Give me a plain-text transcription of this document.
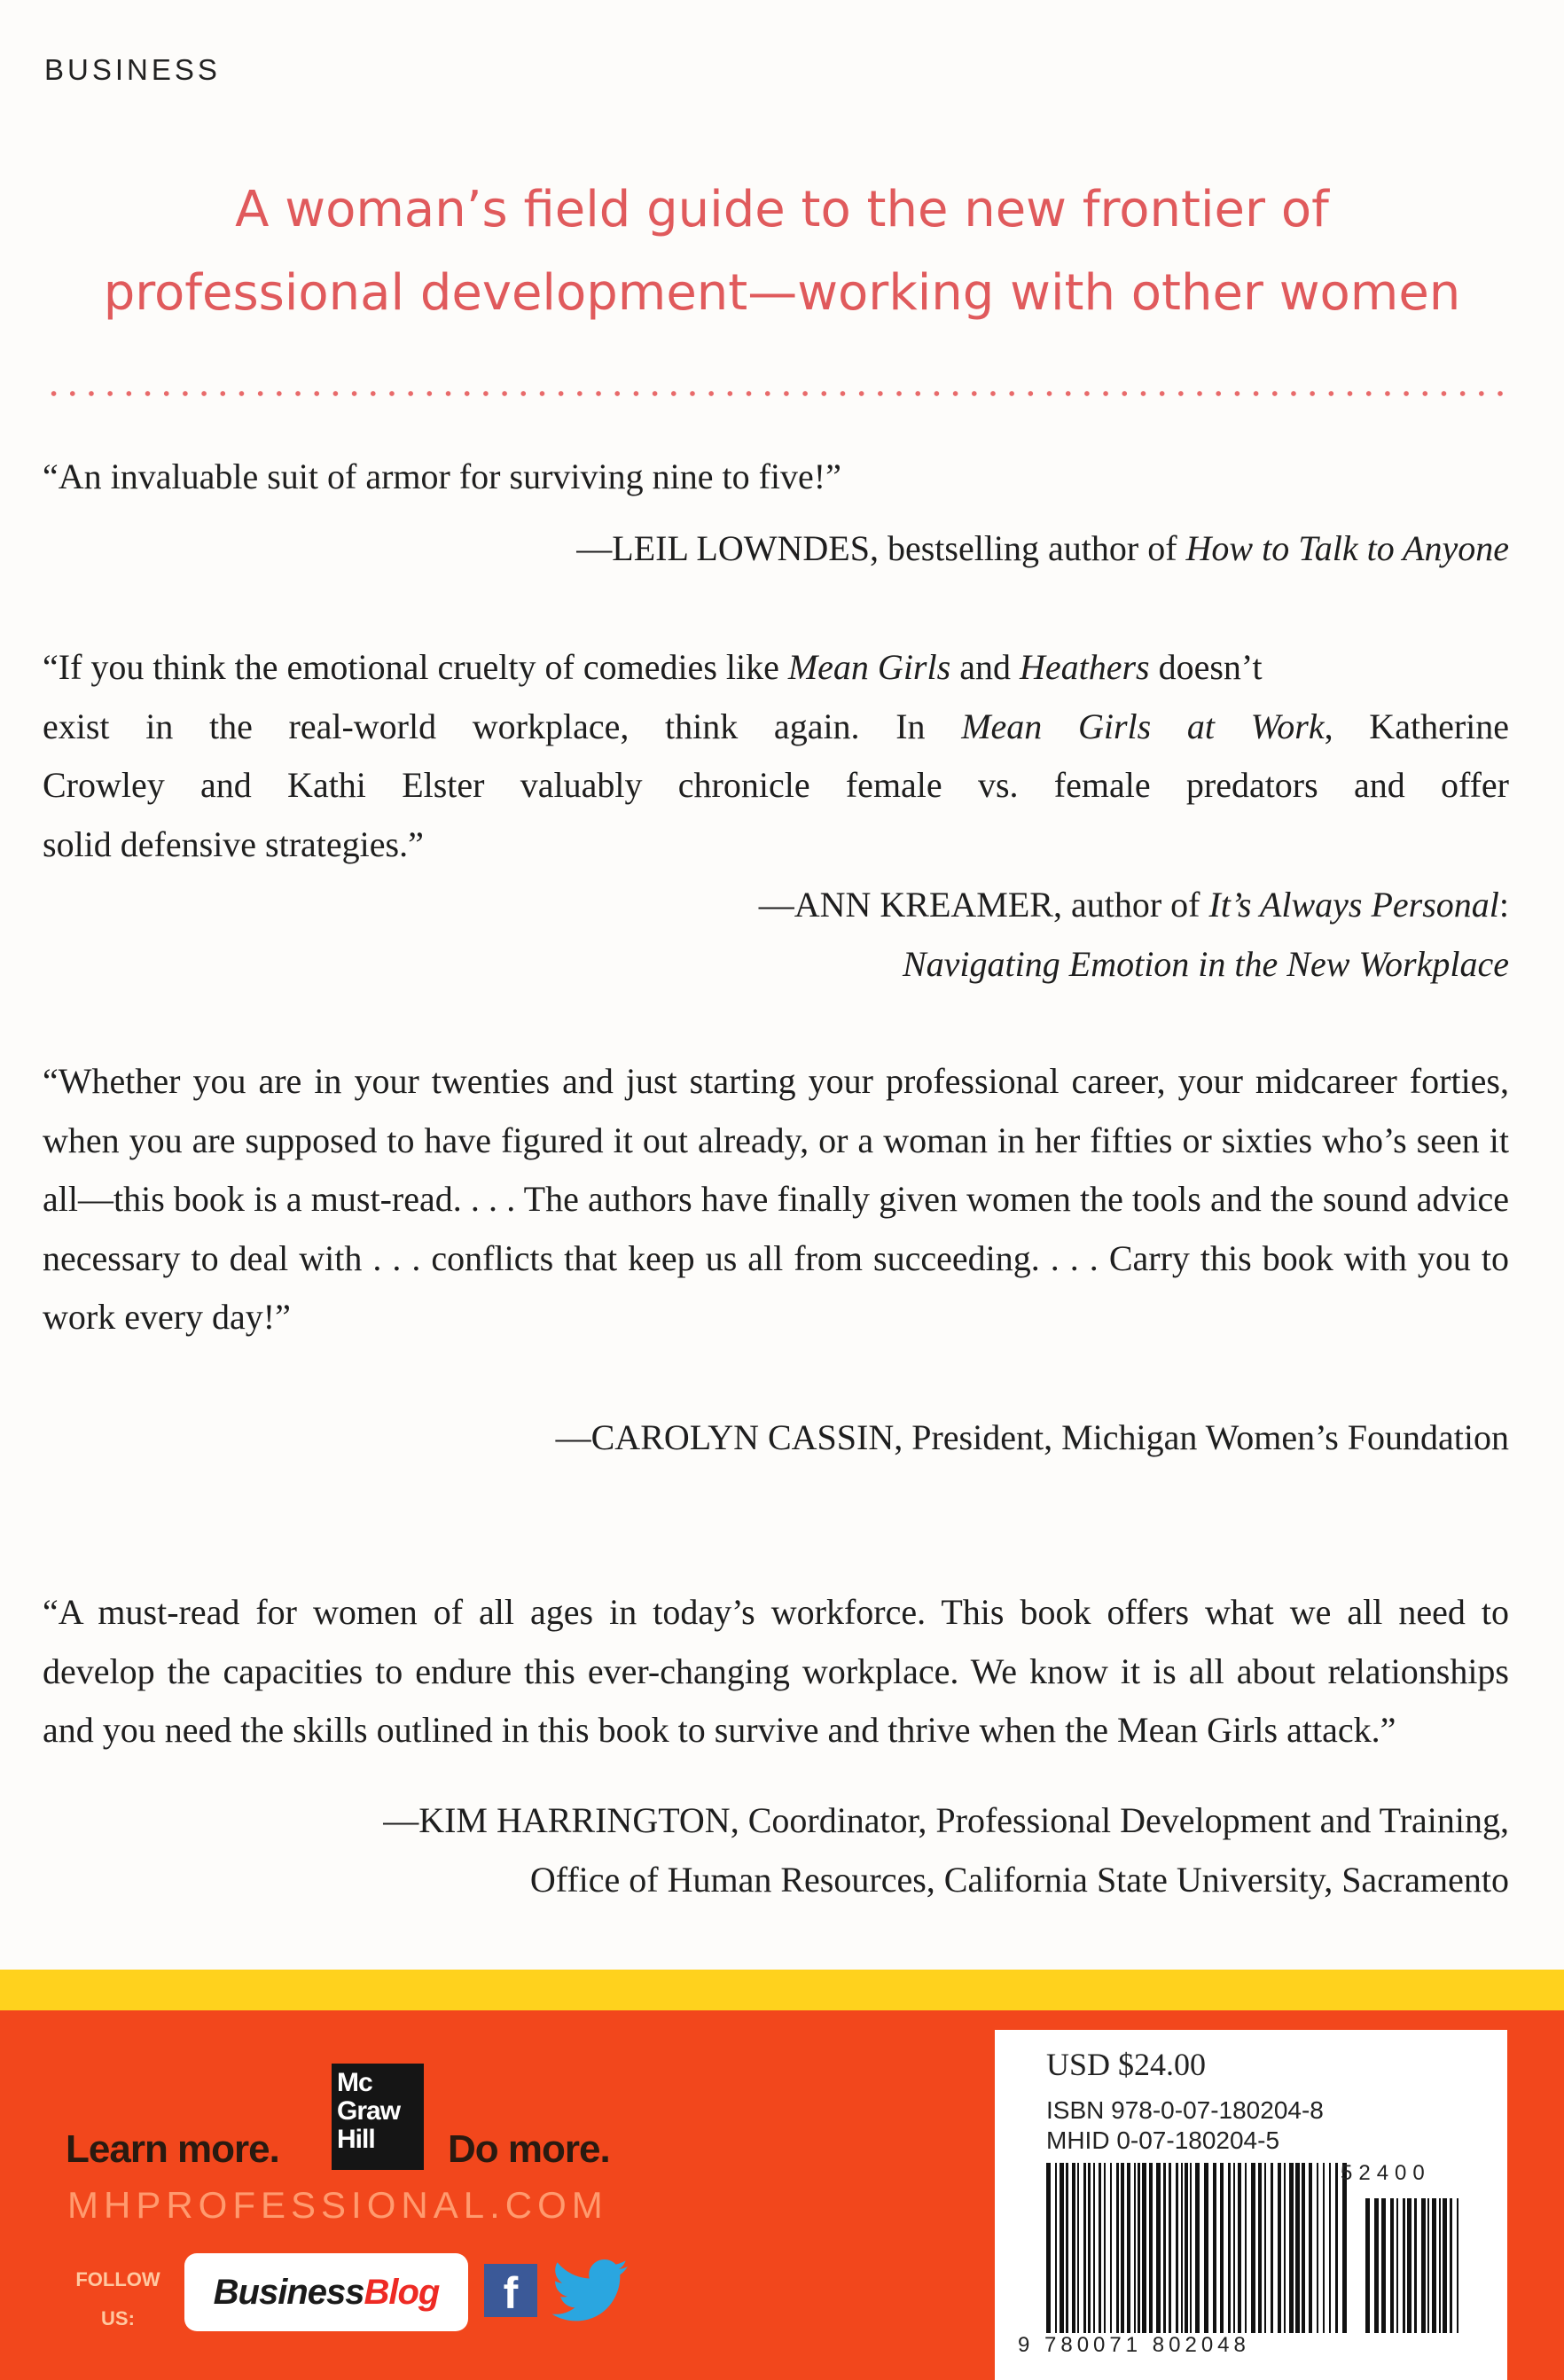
BUSINESS
A woman’s field guide to the new frontier of
professional development—working with other women

“An invaluable suit of armor for surviving nine to five!”

—LEIL LOWNDES, bestselling author of How to Talk to Anyone

“If you think the emotional cruelty of comedies like Mean Girls and Heathers doesn’t
exist in the real-world workplace, think again. In Mean Girls at Work, Katherine
Crowley and Kathi Elster valuably chronicle female vs. female predators and offer
solid defensive strategies.”
—ANN KREAMER, author of It’s Always Personal:
Navigating Emotion in the New Workplace

“Whether you are in your twenties and just starting your professional career, your midcareer forties, when you are supposed to have figured it out already, or a woman in her fifties or sixties who’s seen it all—this book is a must-read. . . . The authors have finally given women the tools and the sound advice necessary to deal with . . . conflicts that keep us all from succeeding. . . . Carry this book with you to work every day!”

—CAROLYN CASSIN, President, Michigan Women’s Foundation

“A must-read for women of all ages in today’s workforce. This book offers what we all need to develop the capacities to endure this ever-changing workplace. We know it is all about relationships and you need the skills outlined in this book to survive and thrive when the Mean Girls attack.”

—KIM HARRINGTON, Coordinator, Professional Development and Training,
Office of Human Resources, California State University, Sacramento
Mc
Graw
Hill
Learn more.	Do more.
MHPROFESSIONAL.COM
FOLLOW
US:
BusinessBlog	f
USD $24.00
ISBN 978-0-07-180204-8
MHID 0-07-180204-5
52400
9 780071 802048
